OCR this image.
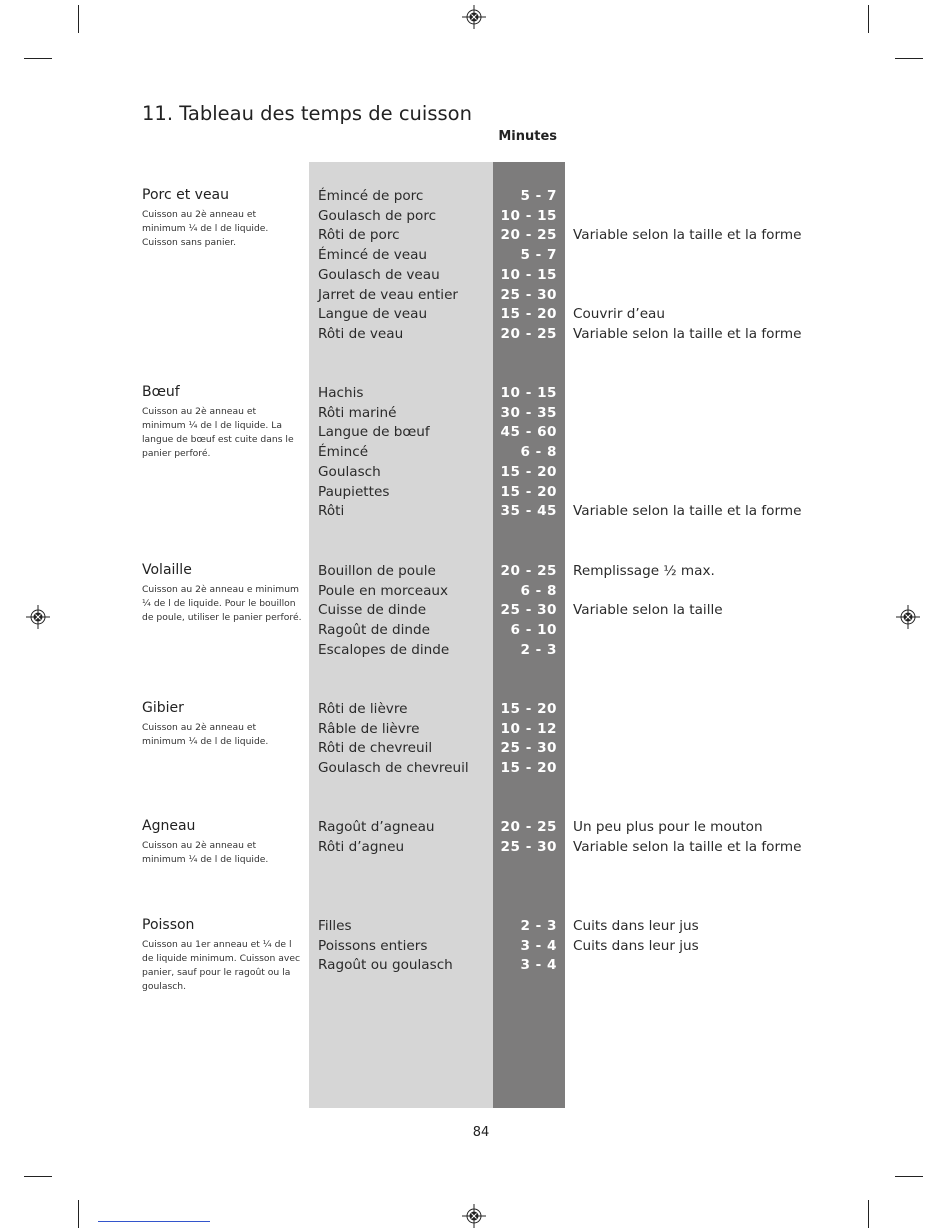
11. Tableau des temps de cuisson
Minutes
Porc et veau
Cuisson au 2è anneau et minimum ¼ de l de liquide. Cuisson sans panier.
Émincé de porc	5 - 7
Goulasch de porc	10 - 15
Rôti de porc	20 - 25 Variable selon la taille et la forme
Émincé de veau	5 - 7
Goulasch de veau	10 - 15
Jarret de veau entier	25 - 30
Langue de veau	15 - 20 Couvrir d’eau
Rôti de veau	20 - 25 Variable selon la taille et la forme
Bœuf
Cuisson au 2è anneau et minimum ¼ de l de liquide. La langue de bœuf est cuite dans le panier perforé.
Hachis	10 - 15
Rôti mariné	30 - 35
Langue de bœuf	45 - 60
Émincé	6 - 8
Goulasch	15 - 20
Paupiettes	15 - 20
Rôti	35 - 45 Variable selon la taille et la forme
Volaille
Cuisson au 2è anneau e minimum ¼ de l de liquide. Pour le bouillon de poule, utiliser le panier perforé.
Bouillon de poule	20 - 25 Remplissage ½ max.
Poule en morceaux	6 - 8
Cuisse de dinde	25 - 30 Variable selon la taille
Ragoût de dinde	6 - 10
Escalopes de dinde	2 - 3
Gibier
Cuisson au 2è anneau et minimum ¼ de l de liquide.
Rôti de lièvre	15 - 20
Râble de lièvre	10 - 12
Rôti de chevreuil	25 - 30
Goulasch de chevreuil	15 - 20
Agneau
Cuisson au 2è anneau et minimum ¼ de l de liquide.
Ragoût d’agneau	20 - 25 Un peu plus pour le mouton
Rôti d’agneu	25 - 30 Variable selon la taille et la forme
Poisson
Cuisson au 1er anneau et ¼ de l de liquide minimum. Cuisson avec panier, sauf pour le ragoût ou la goulasch.
Filles	2 - 3 Cuits dans leur jus
Poissons entiers	3 - 4 Cuits dans leur jus
Ragoût ou goulasch	3 - 4
84
